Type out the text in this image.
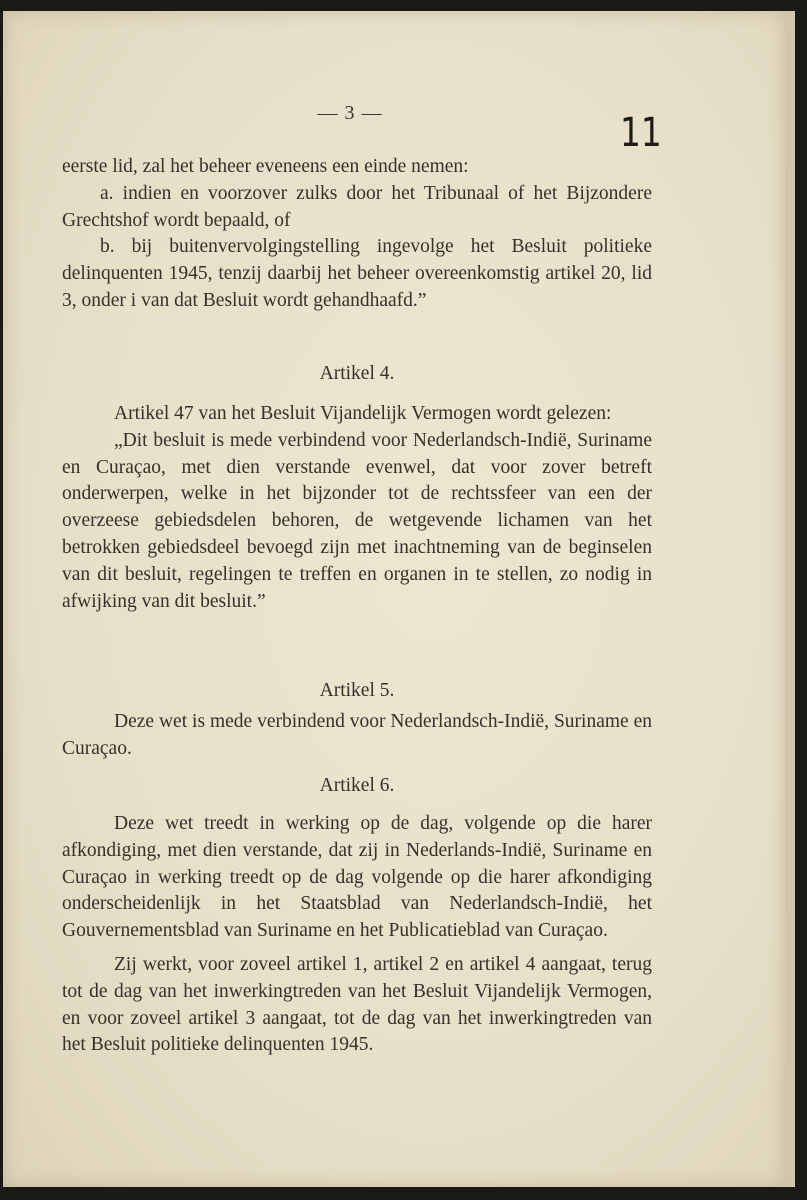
— 3 —	11

eerste lid, zal het beheer eveneens een einde nemen:

a. indien en voorzover zulks door het Tribunaal of het Bijzondere Grechtshof wordt bepaald, of

b. bij buitenvervolgingstelling ingevolge het Besluit politieke delinquenten 1945, tenzij daarbij het beheer overeenkomstig artikel 20, lid 3, onder i van dat Besluit wordt gehandhaafd.”

Artikel 4.

Artikel 47 van het Besluit Vijandelijk Vermogen wordt gelezen:

„Dit besluit is mede verbindend voor Nederlandsch-Indië, Suriname en Curaçao, met dien verstande evenwel, dat voor zover betreft onderwerpen, welke in het bijzonder tot de rechtssfeer van een der overzeese gebiedsdelen behoren, de wetgevende lichamen van het betrokken gebiedsdeel bevoegd zijn met inachtneming van de beginselen van dit besluit, regelingen te treffen en organen in te stellen, zo nodig in afwijking van dit besluit.”

Artikel 5.

Deze wet is mede verbindend voor Nederlandsch-Indië, Suriname en Curaçao.

Artikel 6.

Deze wet treedt in werking op de dag, volgende op die harer afkondiging, met dien verstande, dat zij in Nederlands-Indië, Suriname en Curaçao in werking treedt op de dag volgende op die harer afkondiging onderscheidenlijk in het Staatsblad van Nederlandsch-Indië, het Gouvernementsblad van Suriname en het Publicatieblad van Curaçao.

Zij werkt, voor zoveel artikel 1, artikel 2 en artikel 4 aangaat, terug tot de dag van het inwerkingtreden van het Besluit Vijandelijk Vermogen, en voor zoveel artikel 3 aangaat, tot de dag van het inwerkingtreden van het Besluit politieke delinquenten 1945.
